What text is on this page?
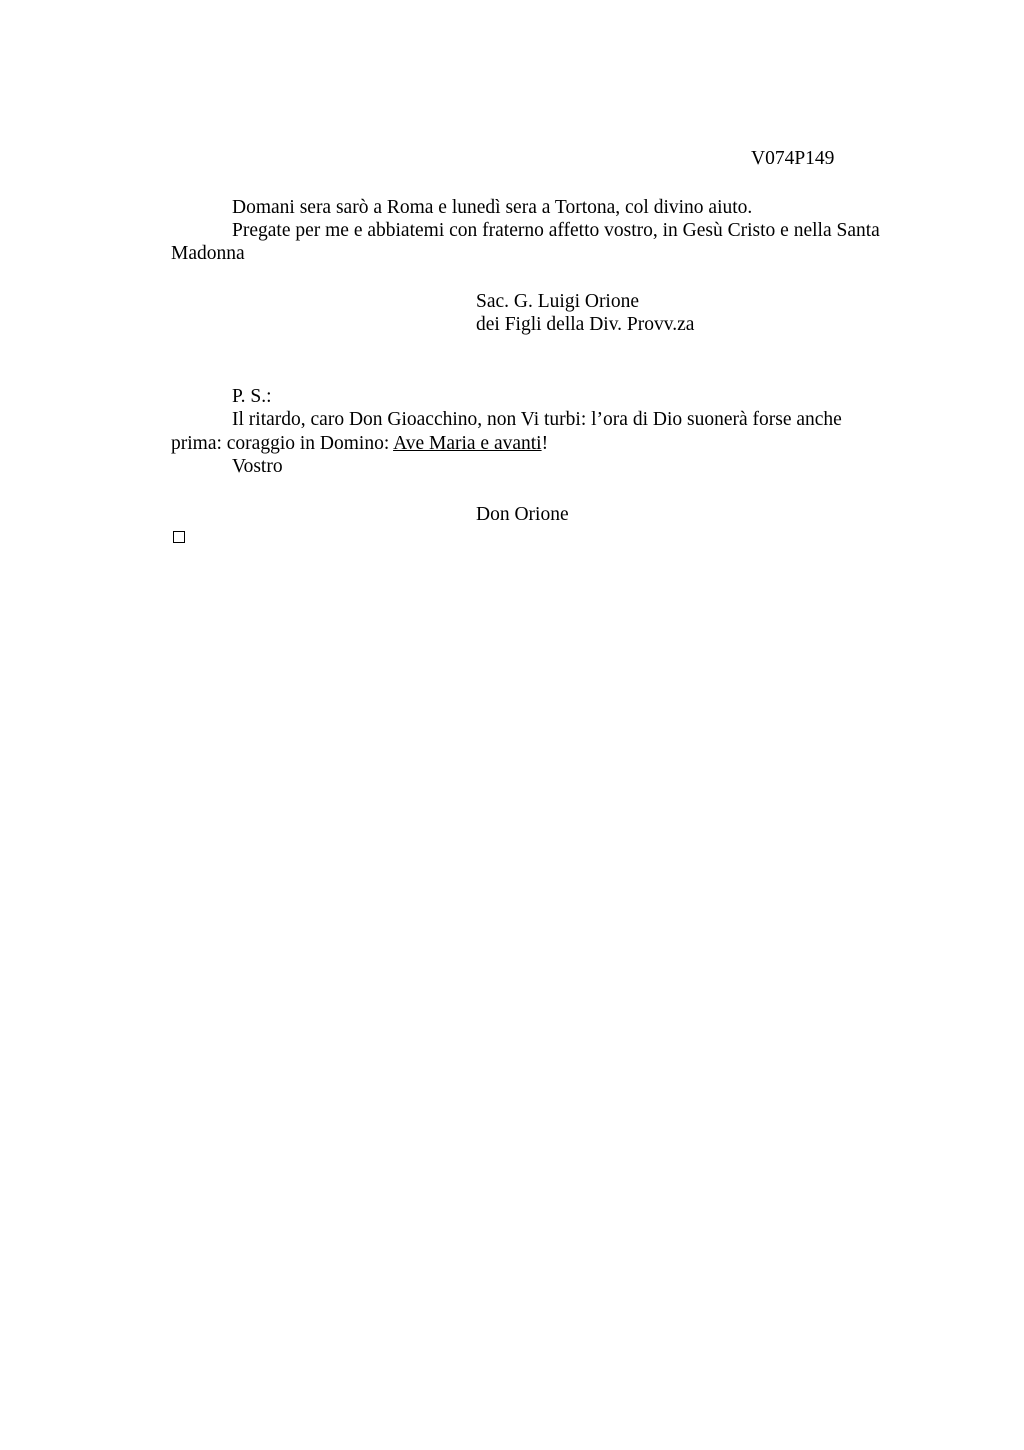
V074P149
Domani sera sarò a Roma e lunedì sera a Tortona, col divino aiuto.
Pregate per me e abbiatemi con fraterno affetto vostro, in Gesù Cristo e nella Santa
Madonna
Sac. G. Luigi Orione
dei Figli della Div. Provv.za
P. S.:
Il ritardo, caro Don Gioacchino, non Vi turbi: l’ora di Dio suonerà forse anche
prima: coraggio in Domino: Ave Maria e avanti!
Vostro
Don Orione
